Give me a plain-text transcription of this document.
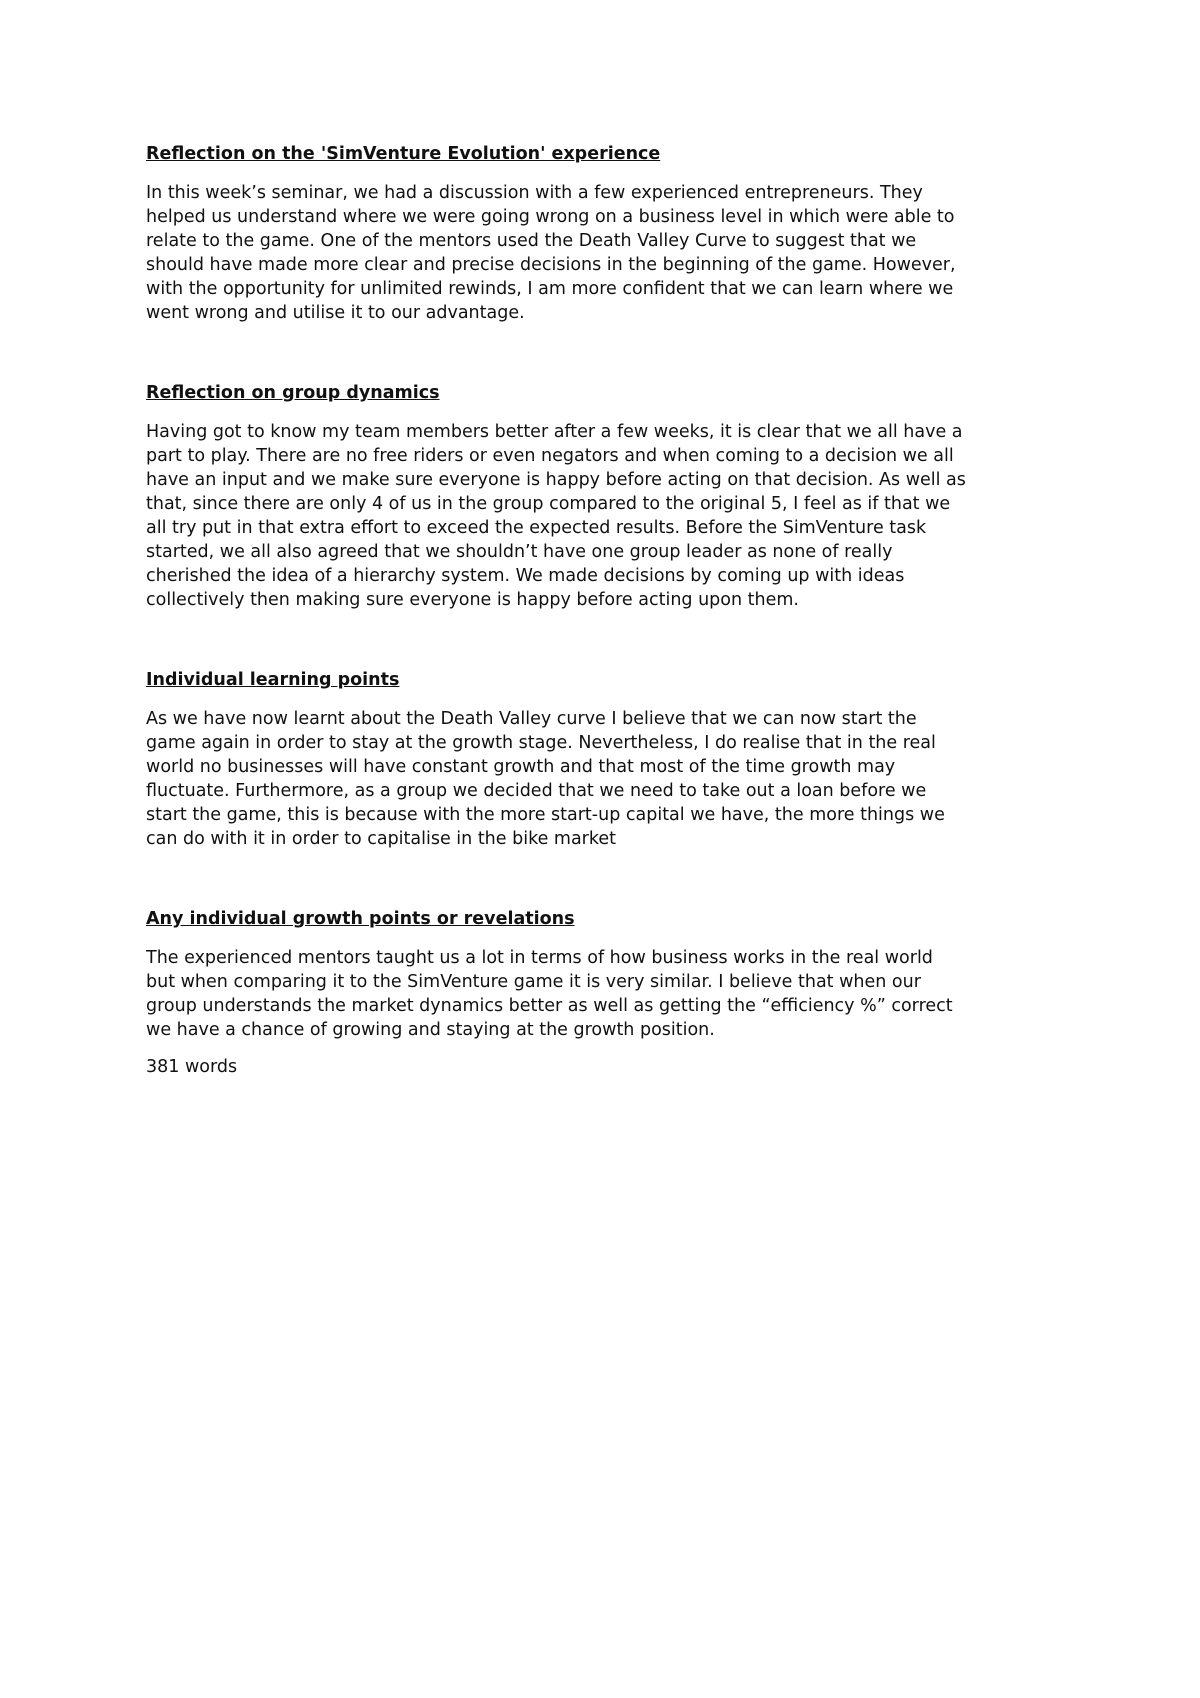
Reflection on the 'SimVenture Evolution' experience

In this week’s seminar, we had a discussion with a few experienced entrepreneurs. They
helped us understand where we were going wrong on a business level in which were able to
relate to the game. One of the mentors used the Death Valley Curve to suggest that we
should have made more clear and precise decisions in the beginning of the game. However,
with the opportunity for unlimited rewinds, I am more confident that we can learn where we
went wrong and utilise it to our advantage.

Reflection on group dynamics

Having got to know my team members better after a few weeks, it is clear that we all have a
part to play. There are no free riders or even negators and when coming to a decision we all
have an input and we make sure everyone is happy before acting on that decision. As well as
that, since there are only 4 of us in the group compared to the original 5, I feel as if that we
all try put in that extra effort to exceed the expected results. Before the SimVenture task
started, we all also agreed that we shouldn’t have one group leader as none of really
cherished the idea of a hierarchy system. We made decisions by coming up with ideas
collectively then making sure everyone is happy before acting upon them.

Individual learning points

As we have now learnt about the Death Valley curve I believe that we can now start the
game again in order to stay at the growth stage. Nevertheless, I do realise that in the real
world no businesses will have constant growth and that most of the time growth may
fluctuate. Furthermore, as a group we decided that we need to take out a loan before we
start the game, this is because with the more start-up capital we have, the more things we
can do with it in order to capitalise in the bike market

Any individual growth points or revelations

The experienced mentors taught us a lot in terms of how business works in the real world
but when comparing it to the SimVenture game it is very similar. I believe that when our
group understands the market dynamics better as well as getting the “efficiency %” correct
we have a chance of growing and staying at the growth position.

381 words
